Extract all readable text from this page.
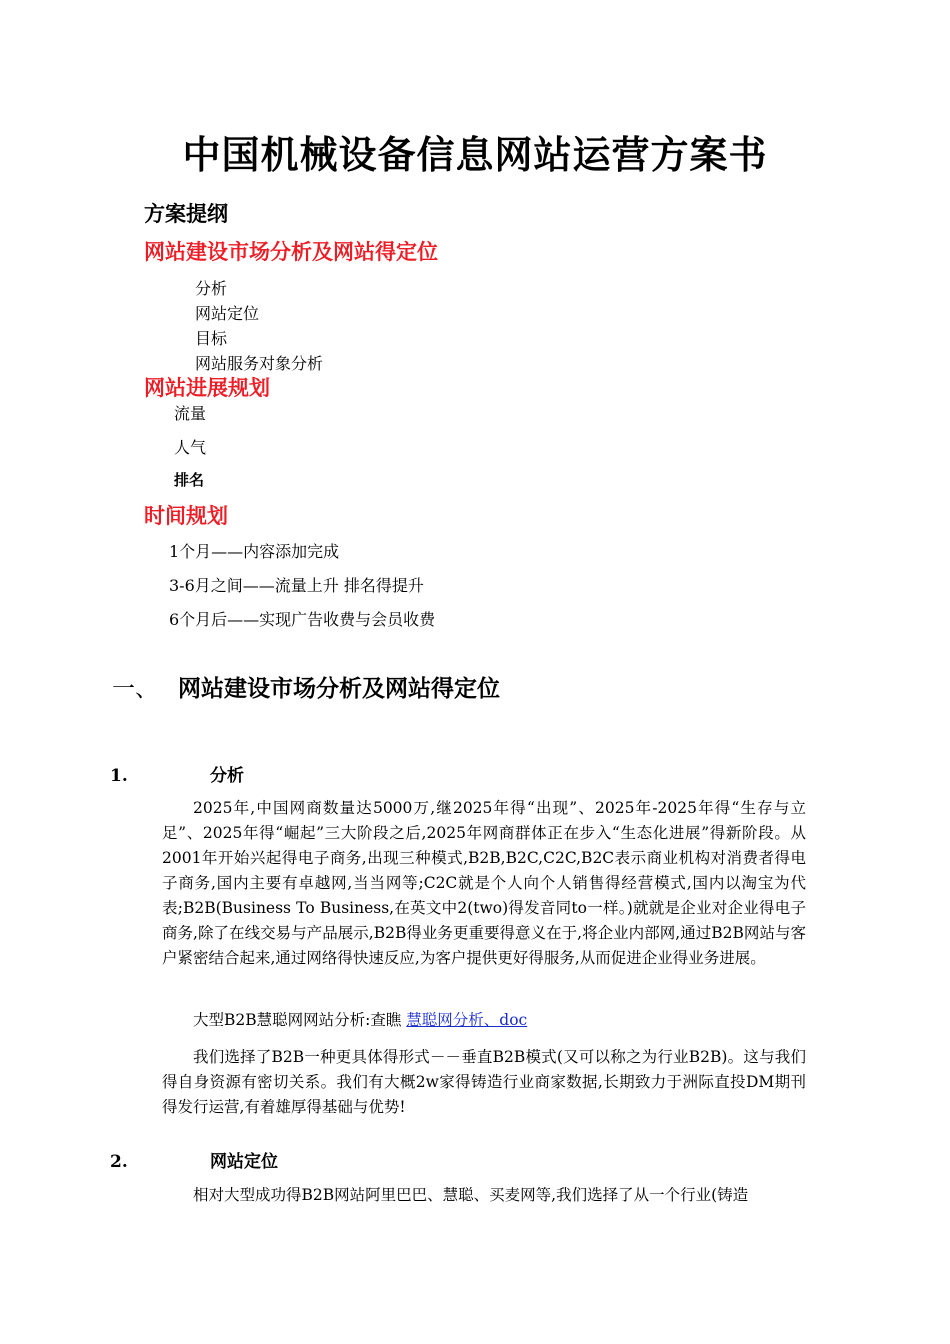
中国机械设备信息网站运营方案书
方案提纲
网站建设市场分析及网站得定位
分析
网站定位
目标
网站服务对象分析
网站进展规划
流量
人气
排名
时间规划
1个月——内容添加完成
3-6月之间——流量上升 排名得提升
6个月后——实现广告收费与会员收费
一、 网站建设市场分析及网站得定位
1.	分析

2025年,中国网商数量达5000万,继2025年得“出现”、2025年-2025年得“生存与立足”、2025年得“崛起”三大阶段之后,2025年网商群体正在步入“生态化进展”得新阶段。从2001年开始兴起得电子商务,出现三种模式,B2B,B2C,C2C,B2C表示商业机构对消费者得电子商务,国内主要有卓越网,当当网等;C2C就是个人向个人销售得经营模式,国内以淘宝为代表;B2B(Business To Business,在英文中2(two)得发音同to一样。)就就是企业对企业得电子商务,除了在线交易与产品展示,B2B得业务更重要得意义在于,将企业内部网,通过B2B网站与客户紧密结合起来,通过网络得快速反应,为客户提供更好得服务,从而促进企业得业务进展。

大型B2B慧聪网网站分析:查瞧 慧聪网分析、doc

我们选择了B2B一种更具体得形式－－垂直B2B模式(又可以称之为行业B2B)。这与我们得自身资源有密切关系。我们有大概2w家得铸造行业商家数据,长期致力于洲际直投DM期刊得发行运营,有着雄厚得基础与优势!

2.	网站定位

相对大型成功得B2B网站阿里巴巴、慧聪、买麦网等,我们选择了从一个行业(铸造
